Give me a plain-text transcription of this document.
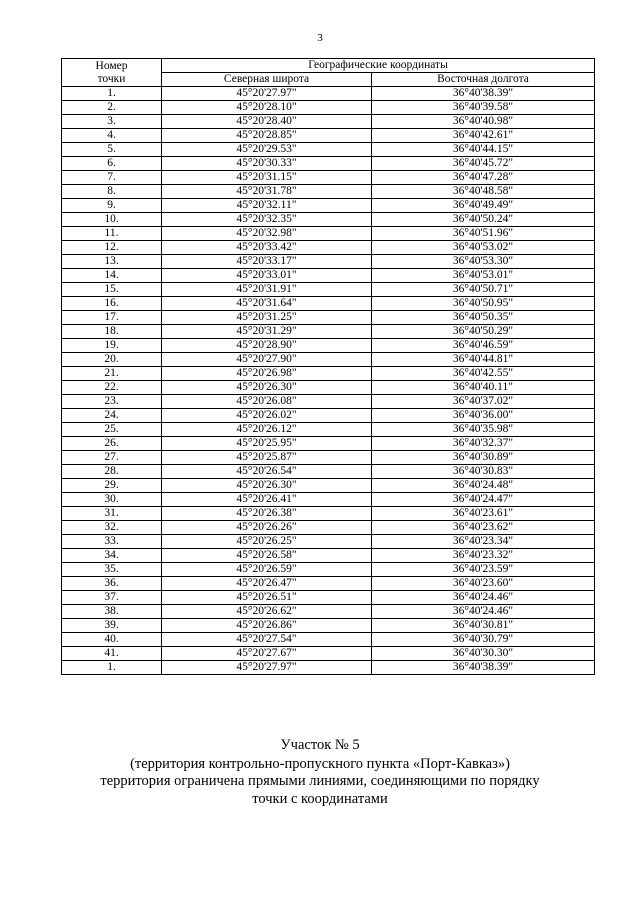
3
Номер
точки	Географические координаты	
	Северная широта	Восточная долгота
1.	45°20'27.97"	36°40'38.39"
2.	45°20'28.10"	36°40'39.58"
3.	45°20'28.40"	36°40'40.98"
4.	45°20'28.85"	36°40'42.61"
5.	45°20'29.53"	36°40'44.15"
6.	45°20'30.33"	36°40'45.72"
7.	45°20'31.15"	36°40'47.28"
8.	45°20'31.78"	36°40'48.58"
9.	45°20'32.11"	36°40'49.49"
10.	45°20'32.35"	36°40'50.24"
11.	45°20'32.98"	36°40'51.96"
12.	45°20'33.42"	36°40'53.02"
13.	45°20'33.17"	36°40'53.30"
14.	45°20'33.01"	36°40'53.01"
15.	45°20'31.91"	36°40'50.71"
16.	45°20'31.64"	36°40'50.95"
17.	45°20'31.25"	36°40'50.35"
18.	45°20'31.29"	36°40'50.29"
19.	45°20'28.90"	36°40'46.59"
20.	45°20'27.90"	36°40'44.81"
21.	45°20'26.98"	36°40'42.55"
22.	45°20'26.30"	36°40'40.11"
23.	45°20'26.08"	36°40'37.02"
24.	45°20'26.02"	36°40'36.00"
25.	45°20'26.12"	36°40'35.98"
26.	45°20'25.95"	36°40'32.37"
27.	45°20'25.87"	36°40'30.89"
28.	45°20'26.54"	36°40'30.83"
29.	45°20'26.30"	36°40'24.48"
30.	45°20'26.41"	36°40'24.47"
31.	45°20'26.38"	36°40'23.61"
32.	45°20'26.26"	36°40'23.62"
33.	45°20'26.25"	36°40'23.34"
34.	45°20'26.58"	36°40'23.32"
35.	45°20'26.59"	36°40'23.59"
36.	45°20'26.47"	36°40'23.60"
37.	45°20'26.51"	36°40'24.46"
38.	45°20'26.62"	36°40'24.46"
39.	45°20'26.86"	36°40'30.81"
40.	45°20'27.54"	36°40'30.79"
41.	45°20'27.67"	36°40'30.30"
1.	45°20'27.97"	36°40'38.39"
Участок № 5
(территория контрольно-пропускного пункта «Порт-Кавказ»)
территория ограничена прямыми линиями, соединяющими по порядку
точки с координатами
